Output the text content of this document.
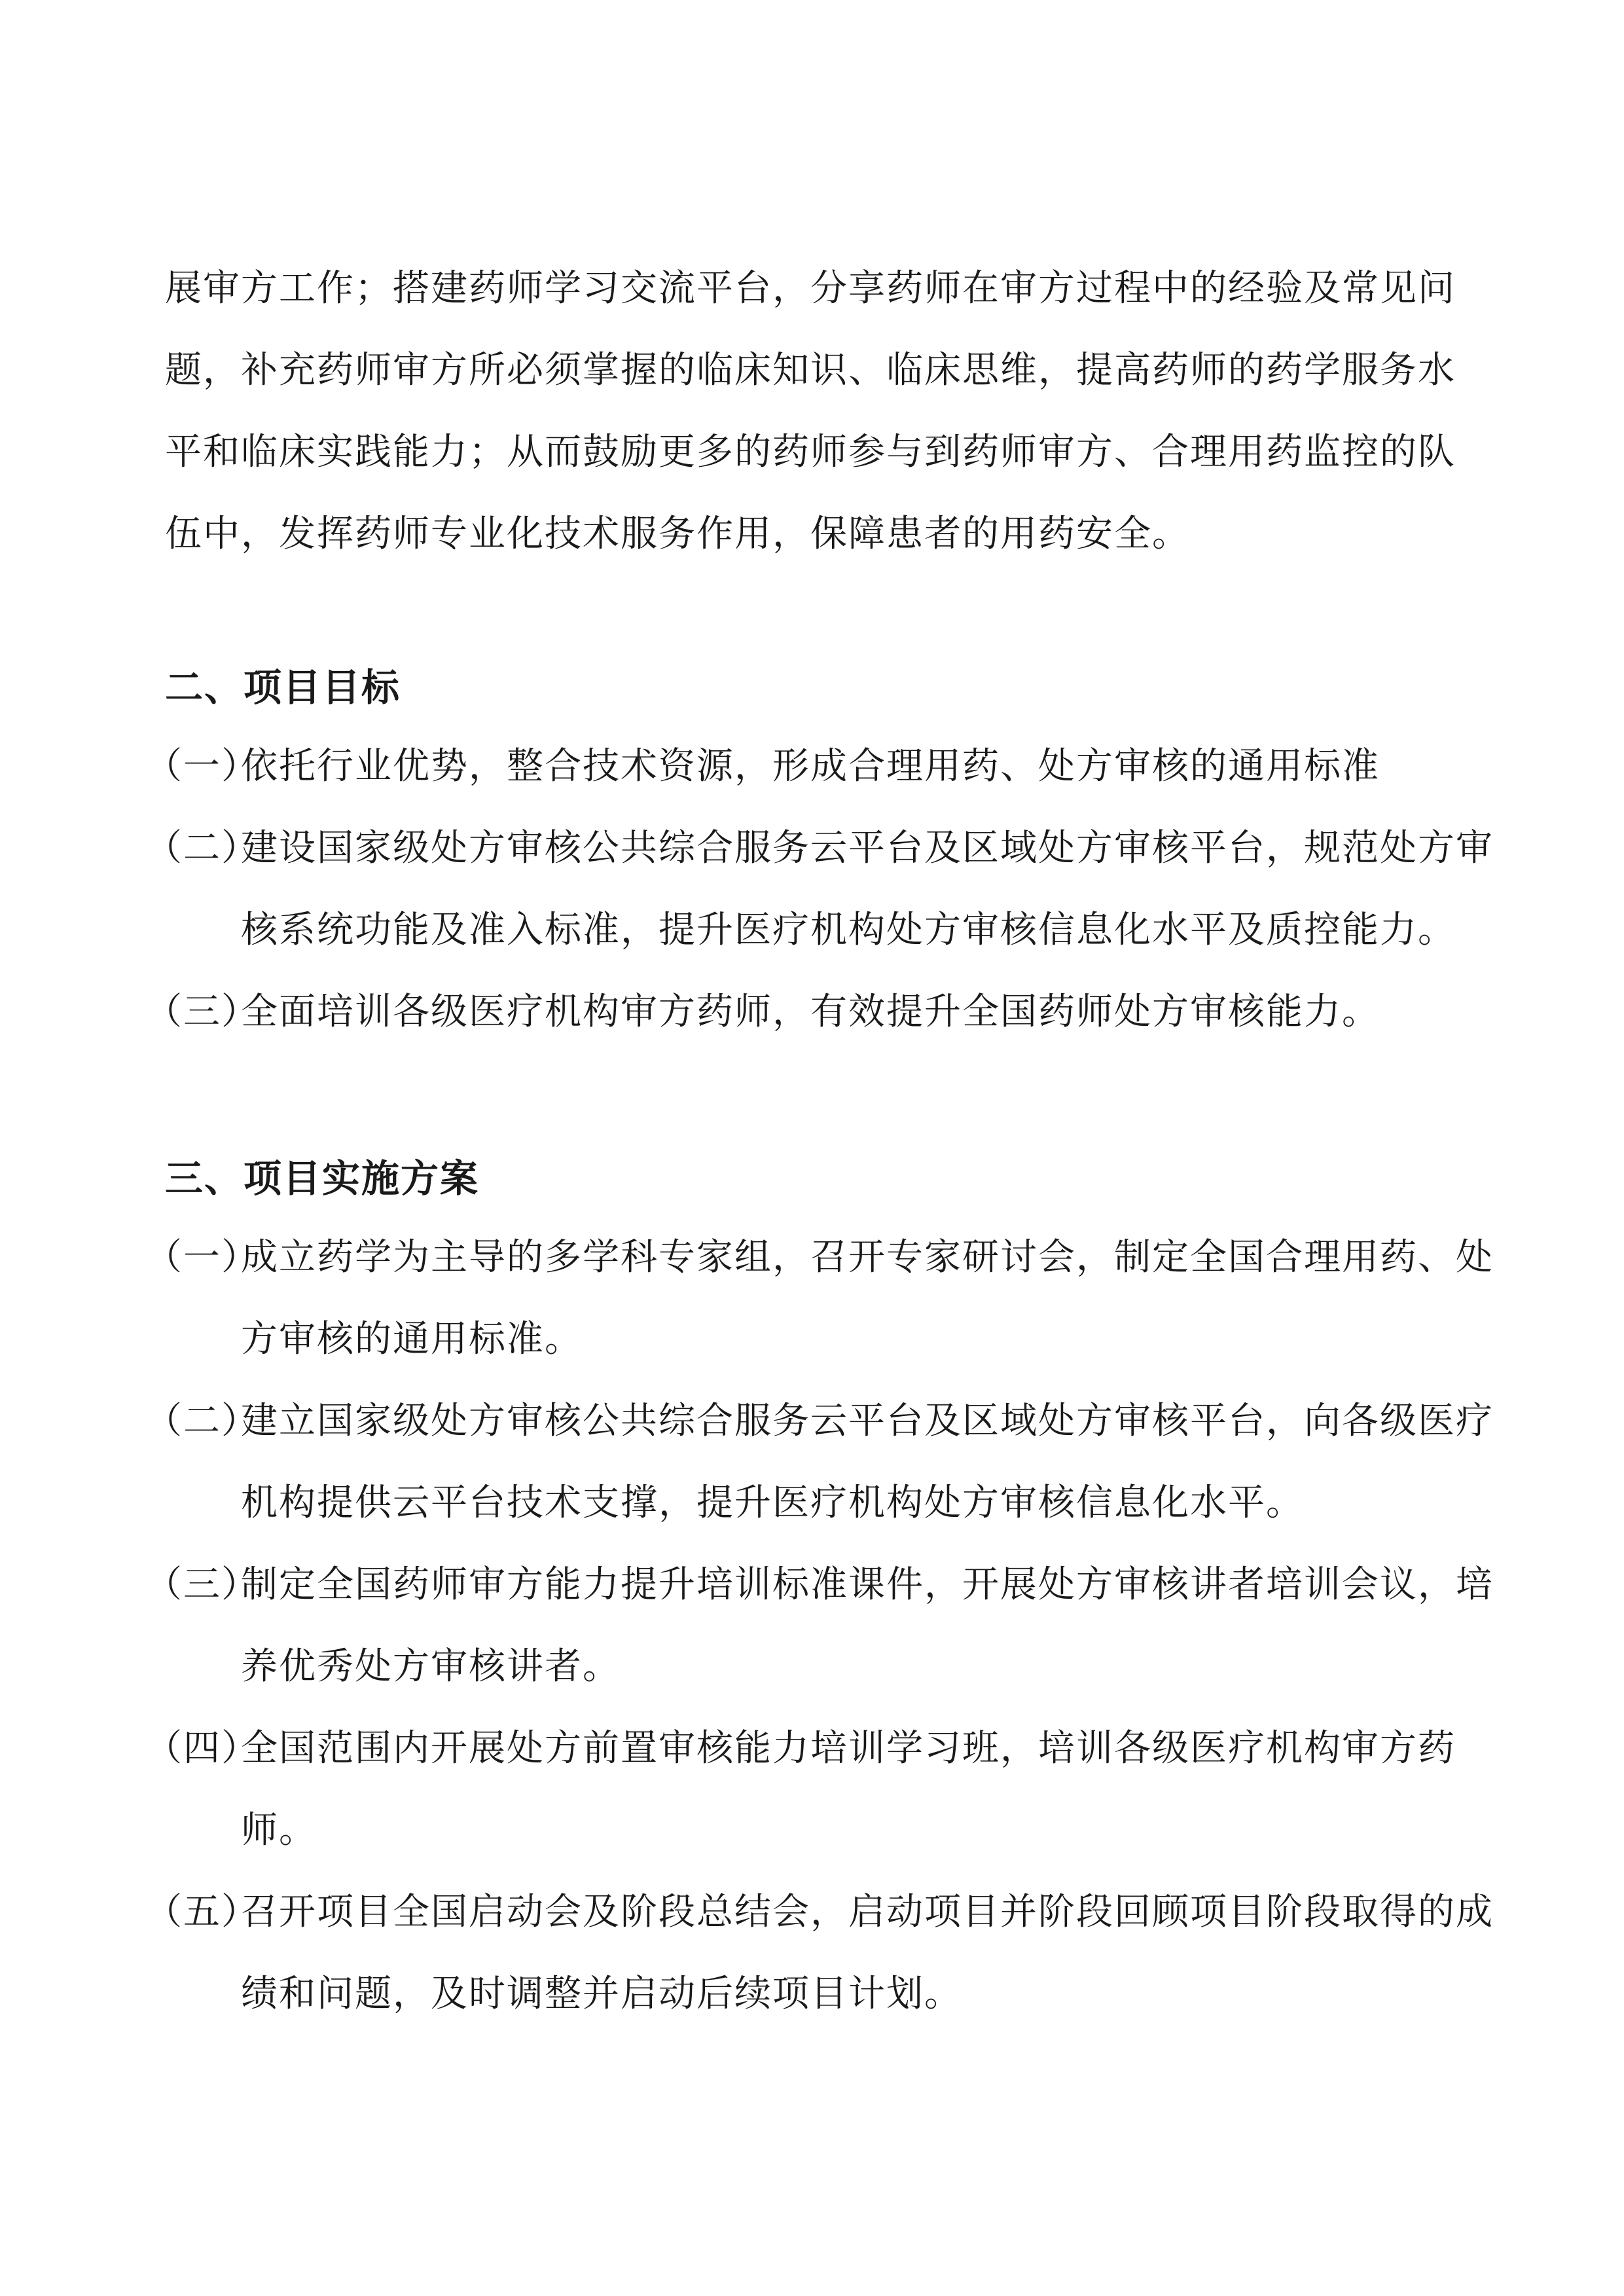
展审方工作；搭建药师学习交流平台，分享药师在审方过程中的经验及常见问
题，补充药师审方所必须掌握的临床知识、临床思维，提高药师的药学服务水
平和临床实践能力；从而鼓励更多的药师参与到药师审方、合理用药监控的队
伍中，发挥药师专业化技术服务作用，保障患者的用药安全。
二、项目目标
（一）
依托行业优势，整合技术资源，形成合理用药、处方审核的通用标准
（二）
建设国家级处方审核公共综合服务云平台及区域处方审核平台，规范处方审
核系统功能及准入标准，提升医疗机构处方审核信息化水平及质控能力。
（三）
全面培训各级医疗机构审方药师，有效提升全国药师处方审核能力。
三、项目实施方案
（一）
成立药学为主导的多学科专家组，召开专家研讨会，制定全国合理用药、处
方审核的通用标准。
（二）
建立国家级处方审核公共综合服务云平台及区域处方审核平台，向各级医疗
机构提供云平台技术支撑，提升医疗机构处方审核信息化水平。
（三）
制定全国药师审方能力提升培训标准课件，开展处方审核讲者培训会议，培
养优秀处方审核讲者。
（四）
全国范围内开展处方前置审核能力培训学习班，培训各级医疗机构审方药
师。
（五）
召开项目全国启动会及阶段总结会，启动项目并阶段回顾项目阶段取得的成
绩和问题，及时调整并启动后续项目计划。
